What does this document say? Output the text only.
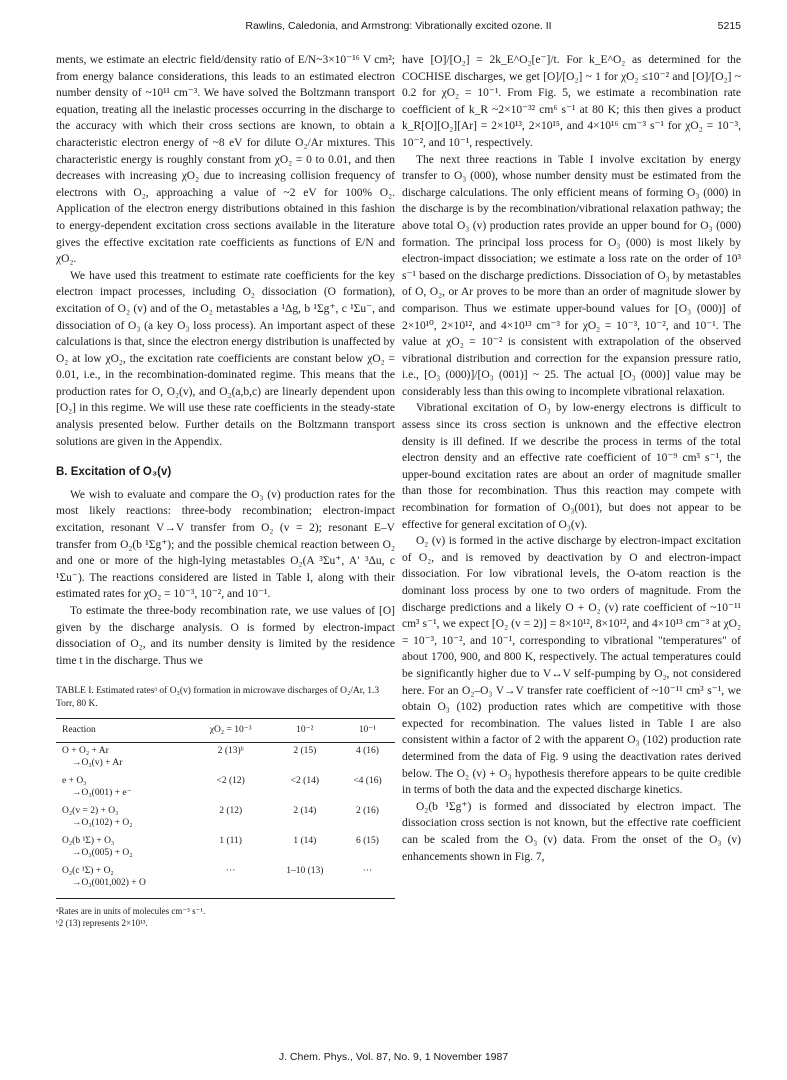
Rawlins, Caledonia, and Armstrong: Vibrationally excited ozone. II	5215

ments, we estimate an electric field/density ratio of E/N~3×10⁻¹⁶ V cm²; from energy balance considerations, this leads to an estimated electron number density of ~10¹¹ cm⁻³. We have solved the Boltzmann transport equation, treating all the inelastic processes occurring in the discharge to the accuracy with which their cross sections are known, to obtain a characteristic electron energy of ~8 eV for dilute O₂/Ar mixtures. This characteristic energy is roughly constant from χO₂ = 0 to 0.01, and then decreases with increasing χO₂ due to increasing collision frequency of electrons with O₂, approaching a value of ~2 eV for 100% O₂. Application of the electron energy distributions obtained in this fashion to energy-dependent excitation cross sections available in the literature gives the effective excitation rate coefficients as functions of E/N and χO₂.

We have used this treatment to estimate rate coefficients for the key electron impact processes, including O₂ dissociation (O formation), excitation of O₂ (v) and of the O₂ metastables a ¹Δg, b ¹Σg⁺, c ¹Σu⁻, and dissociation of O₃ (a key O₃ loss process). An important aspect of these calculations is that, since the electron energy distribution is unaffected by O₂ at low χO₂, the excitation rate coefficients are constant below χO₂ = 0.01, i.e., in the recombination-dominated regime. This means that the production rates for O, O₂(v), and O₂(a,b,c) are linearly dependent upon [O₂] in this regime. We will use these rate coefficients in the steady-state analysis presented below. Further details on the Boltzmann transport solutions are given in the Appendix.

B. Excitation of O₃(v)

We wish to evaluate and compare the O₃ (v) production rates for the most likely reactions: three-body recombination; electron-impact excitation, resonant V→V transfer from O₂ (v = 2); resonant E–V transfer from O₂(b ¹Σg⁺); and the possible chemical reaction between O₂ and one or more of the high-lying metastables O₂(A ³Σu⁺, A′ ³Δu, c ¹Σu⁻). The reactions considered are listed in Table I, along with their estimated rates for χO₂ = 10⁻³, 10⁻², and 10⁻¹.

To estimate the three-body recombination rate, we use values of [O] given by the discharge analysis. O is formed by electron-impact dissociation of O₂, and its number density is limited by the residence time t in the discharge. Thus we

TABLE I. Estimated ratesᵃ of O₃(v) formation in microwave discharges of O₂/Ar, 1.3 Torr, 80 K.
Reaction	χO₂ = 10⁻³	10⁻²	10⁻¹
O + O₂ + Ar
→O₃(v) + Ar	2 (13)ᵇ	2 (15)	4 (16)
e + O₃
→O₃(001) + e⁻	<2 (12)	<2 (14)	<4 (16)
O₂(v = 2) + O₃
→O₃(102) + O₂	2 (12)	2 (14)	2 (16)
O₂(b ¹Σ) + O₃
→O₃(005) + O₂	1 (11)	1 (14)	6 (15)
O₂(c ¹Σ) + O₂
→O₃(001,002) + O	···	1–10 (13)	···
ᵃRates are in units of molecules cm⁻³ s⁻¹.
ᵇ2 (13) represents 2×10¹³.

have [O]/[O₂] = 2k_E^O₂[e⁻]/t. For k_E^O₂ as determined for the COCHISE discharges, we get [O]/[O₂] ~ 1 for χO₂ ≤10⁻² and [O]/[O₂] ~ 0.2 for χO₂ = 10⁻¹. From Fig. 5, we estimate a recombination rate coefficient of k_R ~2×10⁻³² cm⁶ s⁻¹ at 80 K; this then gives a product k_R[O][O₂][Ar] = 2×10¹³, 2×10¹⁵, and 4×10¹⁶ cm⁻³ s⁻¹ for χO₂ = 10⁻³, 10⁻², and 10⁻¹, respectively.

The next three reactions in Table I involve excitation by energy transfer to O₃ (000), whose number density must be estimated from the discharge calculations. The only efficient means of forming O₃ (000) in the discharge is by the recombination/vibrational relaxation pathway; the above total O₃ (v) production rates provide an upper bound for O₃ (000) formation. The principal loss process for O₃ (000) is most likely by electron-impact dissociation; we estimate a loss rate on the order of 10³ s⁻¹ based on the discharge predictions. Dissociation of O₃ by metastables of O, O₂, or Ar proves to be more than an order of magnitude slower by comparison. Thus we estimate upper-bound values for [O₃ (000)] of 2×10¹⁰, 2×10¹², and 4×10¹³ cm⁻³ for χO₂ = 10⁻³, 10⁻², and 10⁻¹. The value at χO₂ = 10⁻² is consistent with extrapolation of the observed vibrational distribution and correction for the expansion pressure ratio, i.e., [O₃ (000)]/[O₃ (001)] ~ 25. The actual [O₃ (000)] value may be considerably less than this owing to incomplete vibrational relaxation.

Vibrational excitation of O₃ by low-energy electrons is difficult to assess since its cross section is unknown and the effective electron density is ill defined. If we describe the process in terms of the total electron density and an effective rate coefficient of 10⁻⁹ cm³ s⁻¹, the upper-bound excitation rates are about an order of magnitude smaller than those for recombination. Thus this reaction may compete with recombination for formation of O₃(001), but does not appear to be effective for general excitation of O₃(v).

O₂ (v) is formed in the active discharge by electron-impact excitation of O₂, and is removed by deactivation by O and electron-impact dissociation. For low vibrational levels, the O-atom reaction is the dominant loss process by one to two orders of magnitude. From the discharge predictions and a likely O + O₂ (v) rate coefficient of ~10⁻¹¹ cm³ s⁻¹, we expect [O₂ (v = 2)] = 8×10¹², 8×10¹², and 4×10¹³ cm⁻³ at χO₂ = 10⁻³, 10⁻², and 10⁻¹, corresponding to vibrational "temperatures" of about 1700, 900, and 800 K, respectively. The actual temperatures could be significantly higher due to V↔V self-pumping by O₂, not considered here. For an O₂–O₃ V→V transfer rate coefficient of ~10⁻¹¹ cm³ s⁻¹, we obtain O₃ (102) production rates which are competitive with those expected for recombination. The values listed in Table I are also consistent within a factor of 2 with the apparent O₃ (102) production rate determined from the data of Fig. 9 using the deactivation rates derived below. The O₂ (v) + O₃ hypothesis therefore appears to be quite credible in terms of both the data and the expected discharge kinetics.

O₂(b ¹Σg⁺) is formed and dissociated by electron impact. The dissociation cross section is not known, but the effective rate coefficient can be scaled from the O₃ (v) data. From the onset of the O₃ (v) enhancements shown in Fig. 7,

J. Chem. Phys., Vol. 87, No. 9, 1 November 1987
